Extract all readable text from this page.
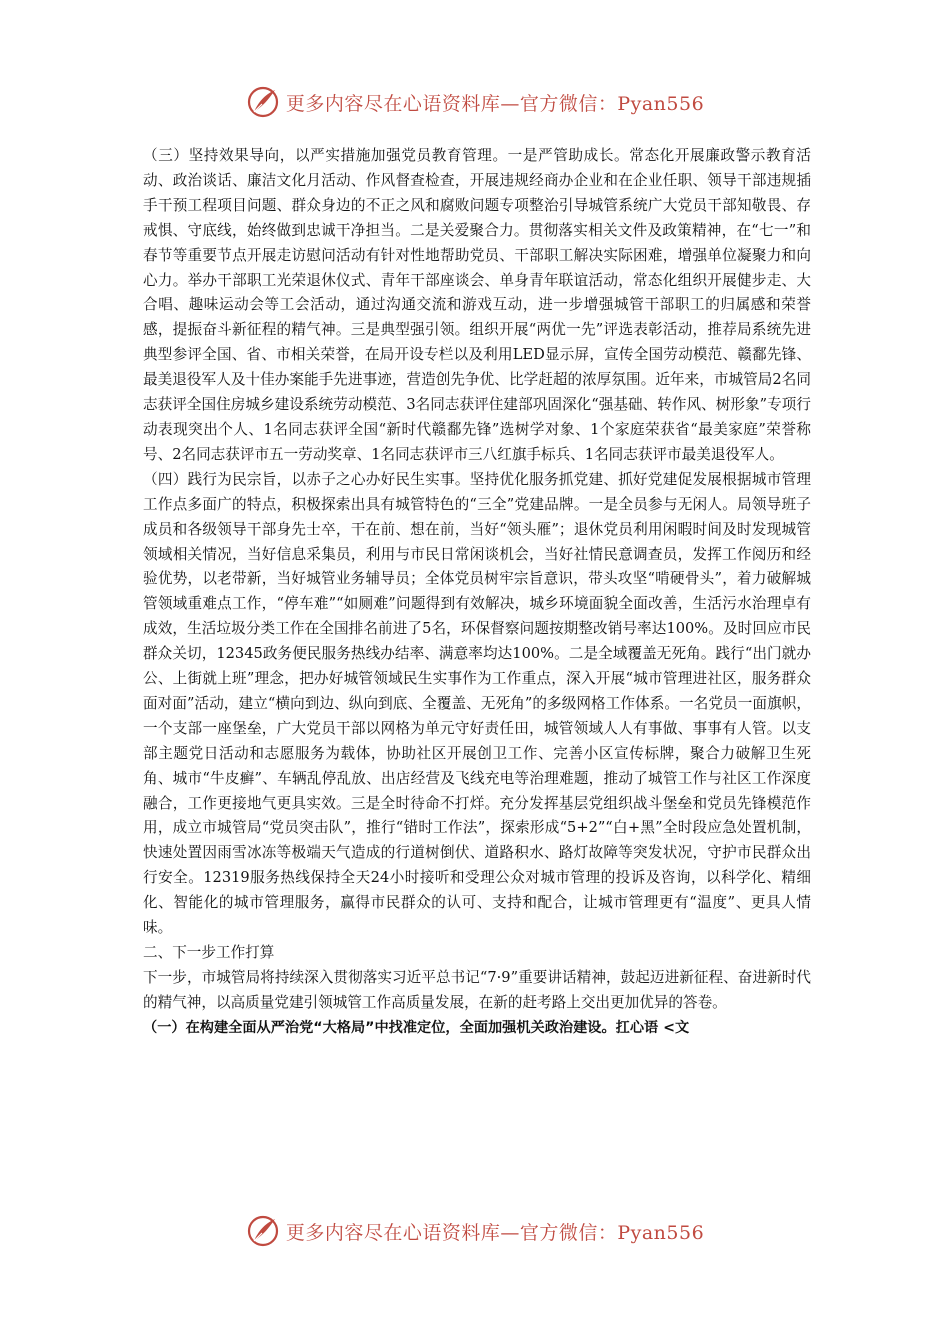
更多内容尽在心语资料库—官方微信：Pyan556

（三）坚持效果导向，以严实措施加强党员教育管理。一是严管助成长。常态化开展廉政警示教育活动、政治谈话、廉洁文化月活动、作风督查检查，开展违规经商办企业和在企业任职、领导干部违规插手干预工程项目问题、群众身边的不正之风和腐败问题专项整治引导城管系统广大党员干部知敬畏、存戒惧、守底线，始终做到忠诚干净担当。二是关爱聚合力。贯彻落实相关文件及政策精神，在“七一”和春节等重要节点开展走访慰问活动有针对性地帮助党员、干部职工解决实际困难，增强单位凝聚力和向心力。举办干部职工光荣退休仪式、青年干部座谈会、单身青年联谊活动，常态化组织开展健步走、大合唱、趣味运动会等工会活动，通过沟通交流和游戏互动，进一步增强城管干部职工的归属感和荣誉感，提振奋斗新征程的精气神。三是典型强引领。组织开展“两优一先”评选表彰活动，推荐局系统先进典型参评全国、省、市相关荣誉，在局开设专栏以及利用LED显示屏，宣传全国劳动模范、赣鄱先锋、最美退役军人及十佳办案能手先进事迹，营造创先争优、比学赶超的浓厚氛围。近年来，市城管局2名同志获评全国住房城乡建设系统劳动模范、3名同志获评住建部巩固深化“强基础、转作风、树形象”专项行动表现突出个人、1名同志获评全国“新时代赣鄱先锋”选树学对象、1个家庭荣获省“最美家庭”荣誉称号、2名同志获评市五一劳动奖章、1名同志获评市三八红旗手标兵、1名同志获评市最美退役军人。

（四）践行为民宗旨，以赤子之心办好民生实事。坚持优化服务抓党建、抓好党建促发展根据城市管理工作点多面广的特点，积极探索出具有城管特色的“三全”党建品牌。一是全员参与无闲人。局领导班子成员和各级领导干部身先士卒，干在前、想在前，当好“领头雁”；退休党员利用闲暇时间及时发现城管领域相关情况，当好信息采集员，利用与市民日常闲谈机会，当好社情民意调查员，发挥工作阅历和经验优势，以老带新，当好城管业务辅导员；全体党员树牢宗旨意识，带头攻坚“啃硬骨头”，着力破解城管领域重难点工作，“停车难”“如厕难”问题得到有效解决，城乡环境面貌全面改善，生活污水治理卓有成效，生活垃圾分类工作在全国排名前进了5名，环保督察问题按期整改销号率达100%。及时回应市民群众关切，12345政务便民服务热线办结率、满意率均达100%。二是全域覆盖无死角。践行“出门就办公、上街就上班”理念，把办好城管领域民生实事作为工作重点，深入开展“城市管理进社区，服务群众面对面”活动，建立“横向到边、纵向到底、全覆盖、无死角”的多级网格工作体系。一名党员一面旗帜，一个支部一座堡垒，广大党员干部以网格为单元守好责任田，城管领域人人有事做、事事有人管。以支部主题党日活动和志愿服务为载体，协助社区开展创卫工作、完善小区宣传标牌，聚合力破解卫生死角、城市“牛皮癣”、车辆乱停乱放、出店经营及飞线充电等治理难题，推动了城管工作与社区工作深度融合，工作更接地气更具实效。三是全时待命不打烊。充分发挥基层党组织战斗堡垒和党员先锋模范作用，成立市城管局“党员突击队”，推行“错时工作法”，探索形成“5+2”“白+黑”全时段应急处置机制，快速处置因雨雪冰冻等极端天气造成的行道树倒伏、道路积水、路灯故障等突发状况，守护市民群众出行安全。12319服务热线保持全天24小时接听和受理公众对城市管理的投诉及咨询，以科学化、精细化、智能化的城市管理服务，赢得市民群众的认可、支持和配合，让城市管理更有“温度”、更具人情味。

二、下一步工作打算

下一步，市城管局将持续深入贯彻落实习近平总书记“7·9”重要讲话精神，鼓起迈进新征程、奋进新时代的精气神，以高质量党建引领城管工作高质量发展，在新的赶考路上交出更加优异的答卷。

（一）在构建全面从严治党“大格局”中找准定位，全面加强机关政治建设。扛心语 <文

更多内容尽在心语资料库—官方微信：Pyan556
